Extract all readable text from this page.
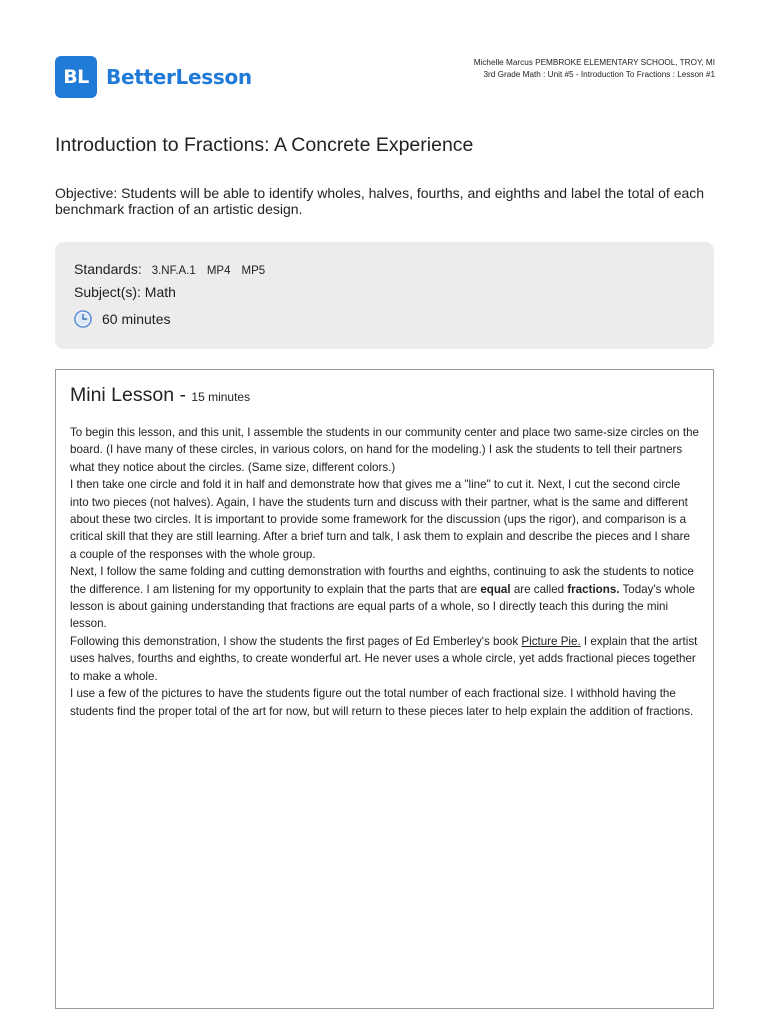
BL BetterLesson
Michelle Marcus PEMBROKE ELEMENTARY SCHOOL, TROY, MI
3rd Grade Math : Unit #5 - Introduction To Fractions : Lesson #1
Introduction to Fractions: A Concrete Experience
Objective: Students will be able to identify wholes, halves, fourths, and eighths and label the total of each benchmark fraction of an artistic design.
Standards: 3.NF.A.1 MP4 MP5
Subject(s): Math
60 minutes
Mini Lesson - 15 minutes

To begin this lesson, and this unit, I assemble the students in our community center and place two same-size circles on the board. (I have many of these circles, in various colors, on hand for the modeling.) I ask the students to tell their partners what they notice about the circles. (Same size, different colors.)

I then take one circle and fold it in half and demonstrate how that gives me a "line" to cut it. Next, I cut the second circle into two pieces (not halves). Again, I have the students turn and discuss with their partner, what is the same and different about these two circles. It is important to provide some framework for the discussion (ups the rigor), and comparison is a critical skill that they are still learning. After a brief turn and talk, I ask them to explain and describe the pieces and I share a couple of the responses with the whole group.

Next, I follow the same folding and cutting demonstration with fourths and eighths, continuing to ask the students to notice the difference. I am listening for my opportunity to explain that the parts that are equal are called fractions. Today's whole lesson is about gaining understanding that fractions are equal parts of a whole, so I directly teach this during the mini lesson.

Following this demonstration, I show the students the first pages of Ed Emberley's book Picture Pie. I explain that the artist uses halves, fourths and eighths, to create wonderful art. He never uses a whole circle, yet adds fractional pieces together to make a whole.

I use a few of the pictures to have the students figure out the total number of each fractional size. I withhold having the students find the proper total of the art for now, but will return to these pieces later to help explain the addition of fractions.
